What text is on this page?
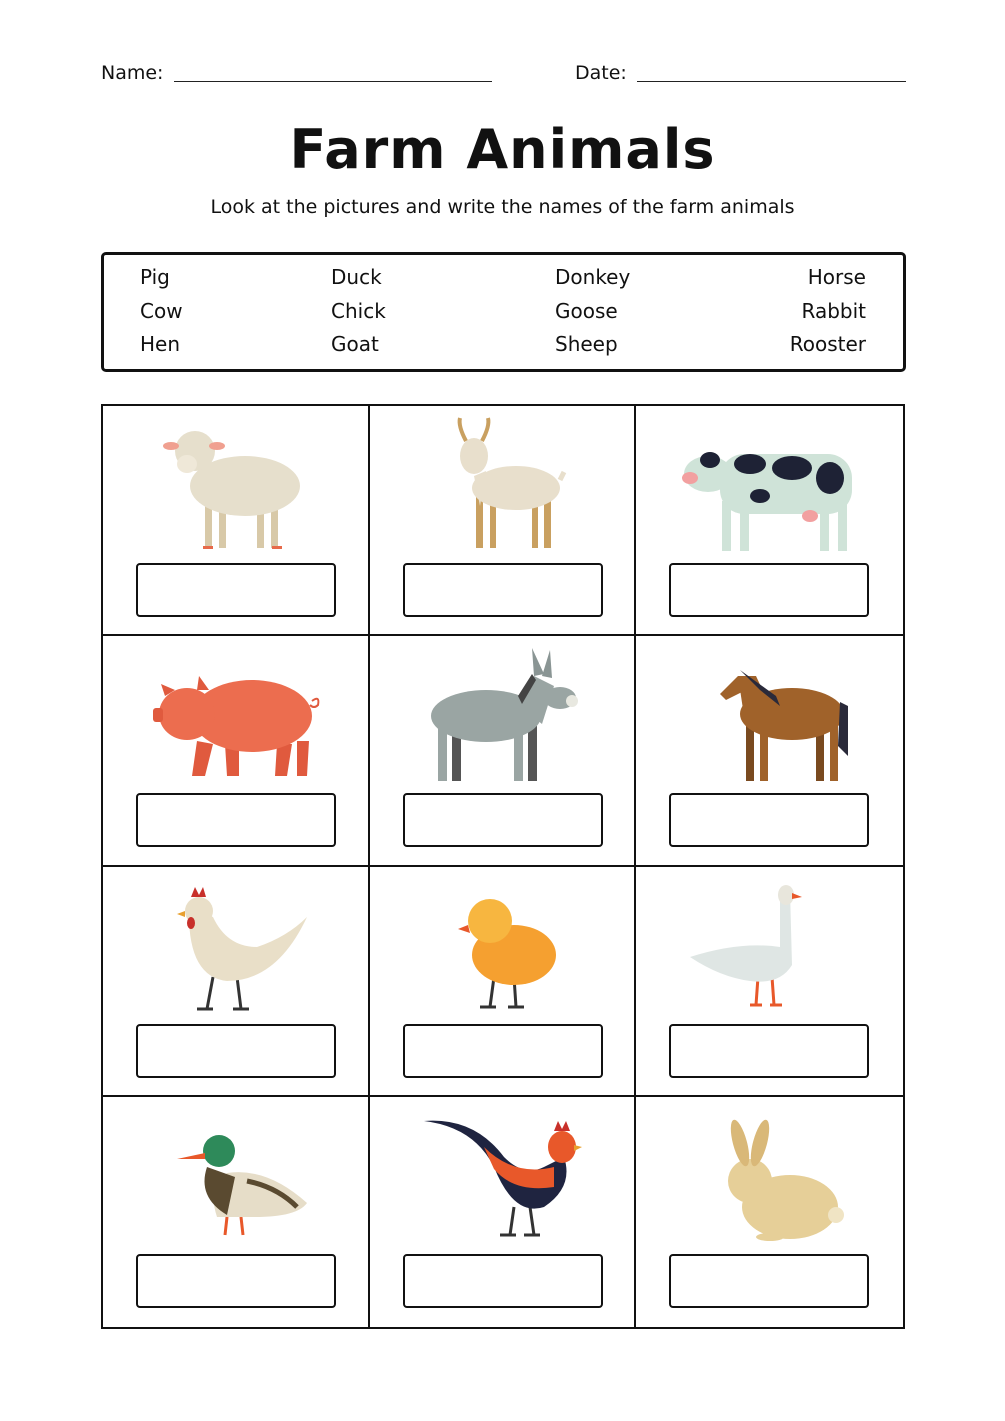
Name:	Date:
Farm Animals
Look at the pictures and write the names of the farm animals
Pig
Cow
Hen
Duck
Chick
Goat
Donkey
Goose
Sheep
Horse
Rabbit
Rooster
